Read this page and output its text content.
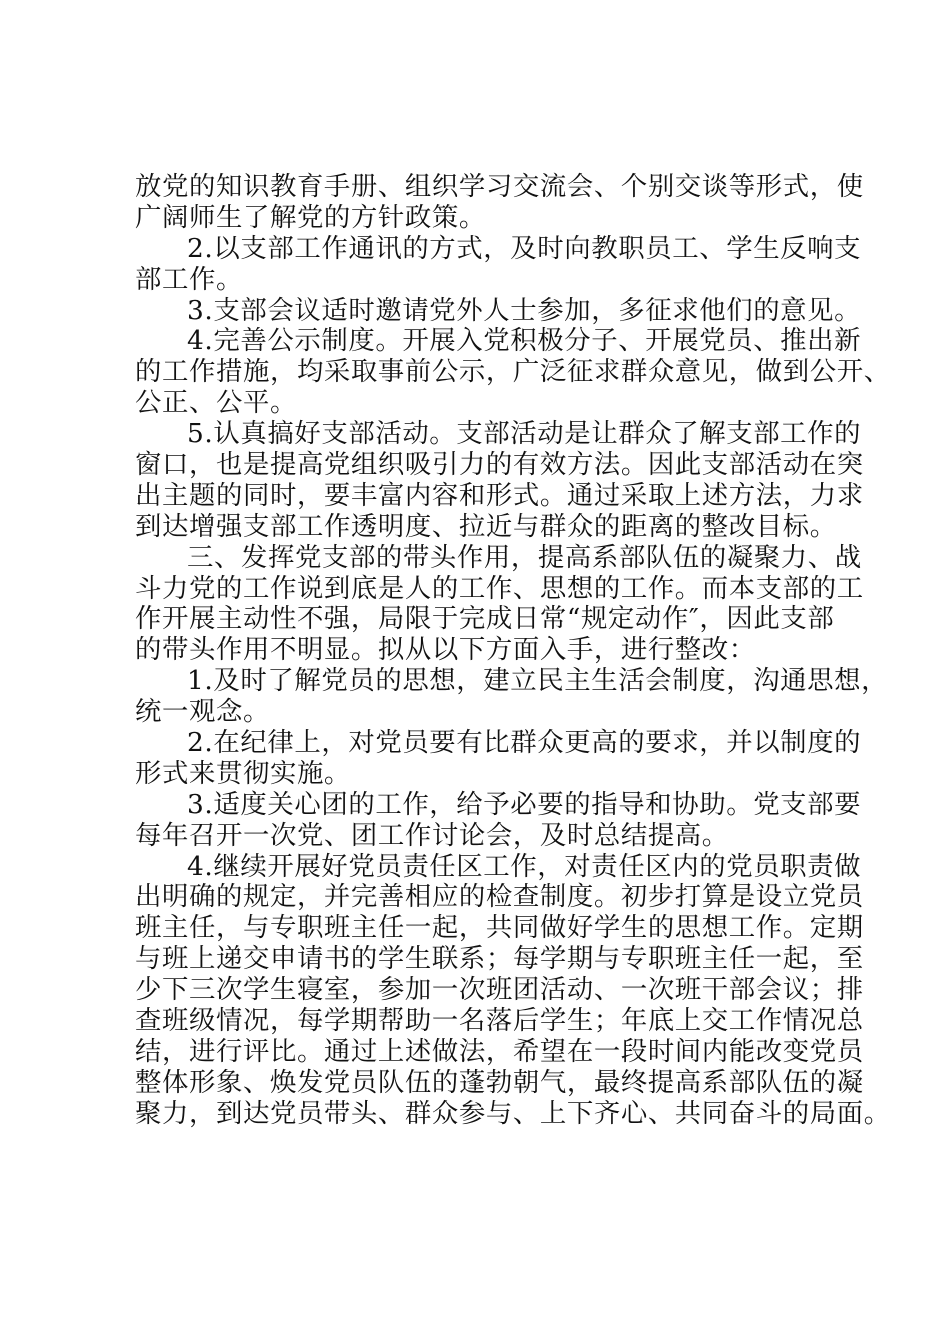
放党的知识教育手册、组织学习交流会、个别交谈等形式，使
广阔师生了解党的方针政策。
2.以支部工作通讯的方式，及时向教职员工、学生反响支
部工作。
3.支部会议适时邀请党外人士参加，多征求他们的意见。
4.完善公示制度。开展入党积极分子、开展党员、推出新
的工作措施，均采取事前公示，广泛征求群众意见，做到公开、
公正、公平。
5.认真搞好支部活动。支部活动是让群众了解支部工作的
窗口，也是提高党组织吸引力的有效方法。因此支部活动在突
出主题的同时，要丰富内容和形式。通过采取上述方法，力求
到达增强支部工作透明度、拉近与群众的距离的整改目标。
三、发挥党支部的带头作用，提高系部队伍的凝聚力、战
斗力党的工作说到底是人的工作、思想的工作。而本支部的工
作开展主动性不强，局限于完成日常“规定动作″，因此支部
的带头作用不明显。拟从以下方面入手，进行整改：
1.及时了解党员的思想，建立民主生活会制度，沟通思想，
统一观念。
2.在纪律上，对党员要有比群众更高的要求，并以制度的
形式来贯彻实施。
3.适度关心团的工作，给予必要的指导和协助。党支部要
每年召开一次党、团工作讨论会，及时总结提高。
4.继续开展好党员责任区工作，对责任区内的党员职责做
出明确的规定，并完善相应的检查制度。初步打算是设立党员
班主任，与专职班主任一起，共同做好学生的思想工作。定期
与班上递交申请书的学生联系；每学期与专职班主任一起，至
少下三次学生寝室，参加一次班团活动、一次班干部会议；排
查班级情况，每学期帮助一名落后学生；年底上交工作情况总
结，进行评比。通过上述做法，希望在一段时间内能改变党员
整体形象、焕发党员队伍的蓬勃朝气，最终提高系部队伍的凝
聚力，到达党员带头、群众参与、上下齐心、共同奋斗的局面。
